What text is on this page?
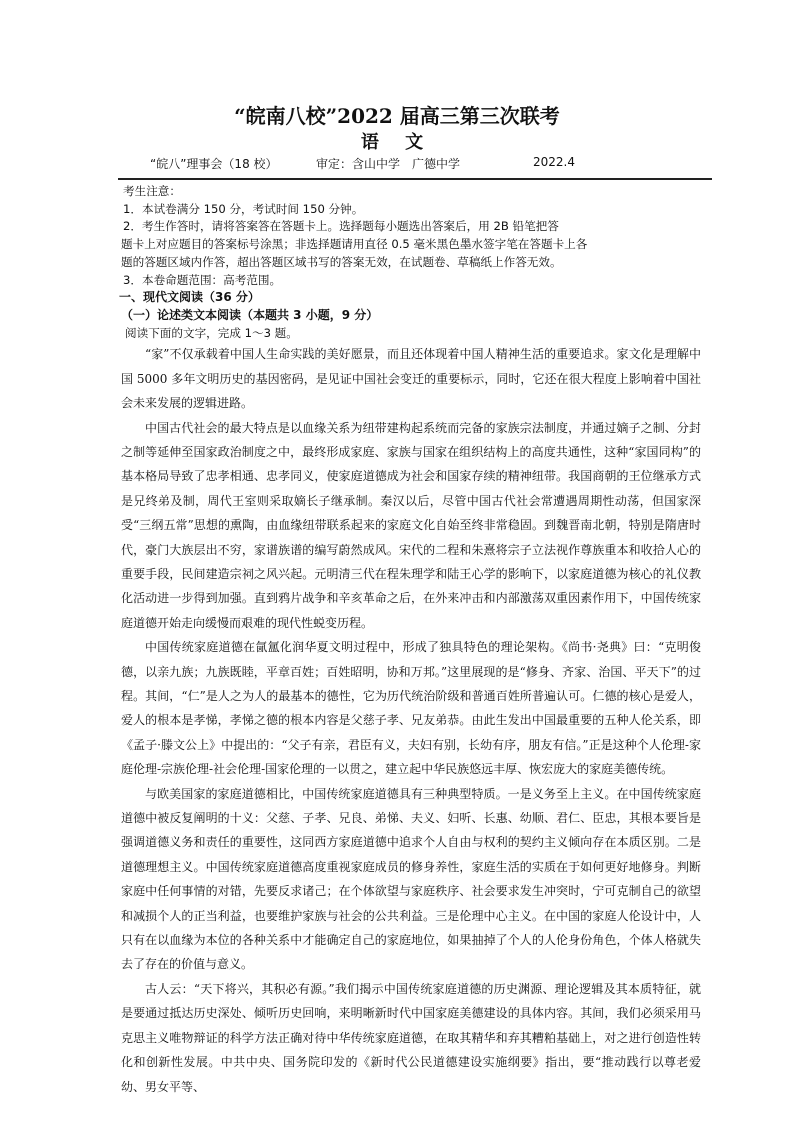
“皖南八校”2022 届高三第三次联考
语 文
“皖八”理事会（18 校）	审定：含山中学　广德中学	2022.4
考生注意：
1．本试卷满分 150 分，考试时间 150 分钟。
2．考生作答时，请将答案答在答题卡上。选择题每小题选出答案后，用 2B 铅笔把答
题卡上对应题目的答案标号涂黑；非选择题请用直径 0.5 毫米黑色墨水签字笔在答题卡上各
题的答题区域内作答，超出答题区域书写的答案无效，在试题卷、草稿纸上作答无效。
3．本卷命题范围：高考范围。
一、现代文阅读（36 分）
（一）论述类文本阅读（本题共 3 小题，9 分）
阅读下面的文字，完成 1～3 题。

“家”不仅承载着中国人生命实践的美好愿景，而且还体现着中国人精神生活的重要追求。家文化是理解中国 5000 多年文明历史的基因密码，是见证中国社会变迁的重要标示，同时，它还在很大程度上影响着中国社会未来发展的逻辑进路。

中国古代社会的最大特点是以血缘关系为纽带建构起系统而完备的家族宗法制度，并通过嫡子之制、分封之制等延伸至国家政治制度之中，最终形成家庭、家族与国家在组织结构上的高度共通性，这种“家国同构”的基本格局导致了忠孝相通、忠孝同义，使家庭道德成为社会和国家存续的精神纽带。我国商朝的王位继承方式是兄终弟及制，周代王室则采取嫡长子继承制。秦汉以后，尽管中国古代社会常遭遇周期性动荡，但国家深受“三纲五常”思想的熏陶，由血缘纽带联系起来的家庭文化自始至终非常稳固。到魏晋南北朝，特别是隋唐时代，豪门大族层出不穷，家谱族谱的编写蔚然成风。宋代的二程和朱熹将宗子立法视作尊族重本和收拾人心的重要手段，民间建造宗祠之风兴起。元明清三代在程朱理学和陆王心学的影响下，以家庭道德为核心的礼仪教化活动进一步得到加强。直到鸦片战争和辛亥革命之后，在外来冲击和内部激荡双重因素作用下，中国传统家庭道德开始走向缓慢而艰难的现代性蜕变历程。

中国传统家庭道德在氤氲化润华夏文明过程中，形成了独具特色的理论架构。《尚书·尧典》曰：“克明俊德，以亲九族；九族既睦，平章百姓；百姓昭明，协和万邦。”这里展现的是“修身、齐家、治国、平天下”的过程。其间，“仁”是人之为人的最基本的德性，它为历代统治阶级和普通百姓所普遍认可。仁德的核心是爱人，爱人的根本是孝悌，孝悌之德的根本内容是父慈子孝、兄友弟恭。由此生发出中国最重要的五种人伦关系，即《孟子·滕文公上》中提出的：“父子有亲，君臣有义，夫妇有别，长幼有序，朋友有信。”正是这种个人伦理-家庭伦理-宗族伦理-社会伦理-国家伦理的一以贯之，建立起中华民族悠远丰厚、恢宏庞大的家庭美德传统。

与欧美国家的家庭道德相比，中国传统家庭道德具有三种典型特质。一是义务至上主义。在中国传统家庭道德中被反复阐明的十义：父慈、子孝、兄良、弟悌、夫义、妇听、长惠、幼顺、君仁、臣忠，其根本要旨是强调道德义务和责任的重要性，这同西方家庭道德中追求个人自由与权利的契约主义倾向存在本质区别。二是道德理想主义。中国传统家庭道德高度重视家庭成员的修身养性，家庭生活的实质在于如何更好地修身。判断家庭中任何事情的对错，先要反求诸己；在个体欲望与家庭秩序、社会要求发生冲突时，宁可克制自己的欲望和减损个人的正当利益，也要维护家族与社会的公共利益。三是伦理中心主义。在中国的家庭人伦设计中，人只有在以血缘为本位的各种关系中才能确定自己的家庭地位，如果抽掉了个人的人伦身份角色，个体人格就失去了存在的价值与意义。

古人云：“天下将兴，其积必有源。”我们揭示中国传统家庭道德的历史渊源、理论逻辑及其本质特征，就是要通过抵达历史深处、倾听历史回响，来明晰新时代中国家庭美德建设的具体内容。其间，我们必须采用马克思主义唯物辩证的科学方法正确对待中华传统家庭道德，在取其精华和弃其糟粕基础上，对之进行创造性转化和创新性发展。中共中央、国务院印发的《新时代公民道德建设实施纲要》指出，要“推动践行以尊老爱幼、男女平等、
